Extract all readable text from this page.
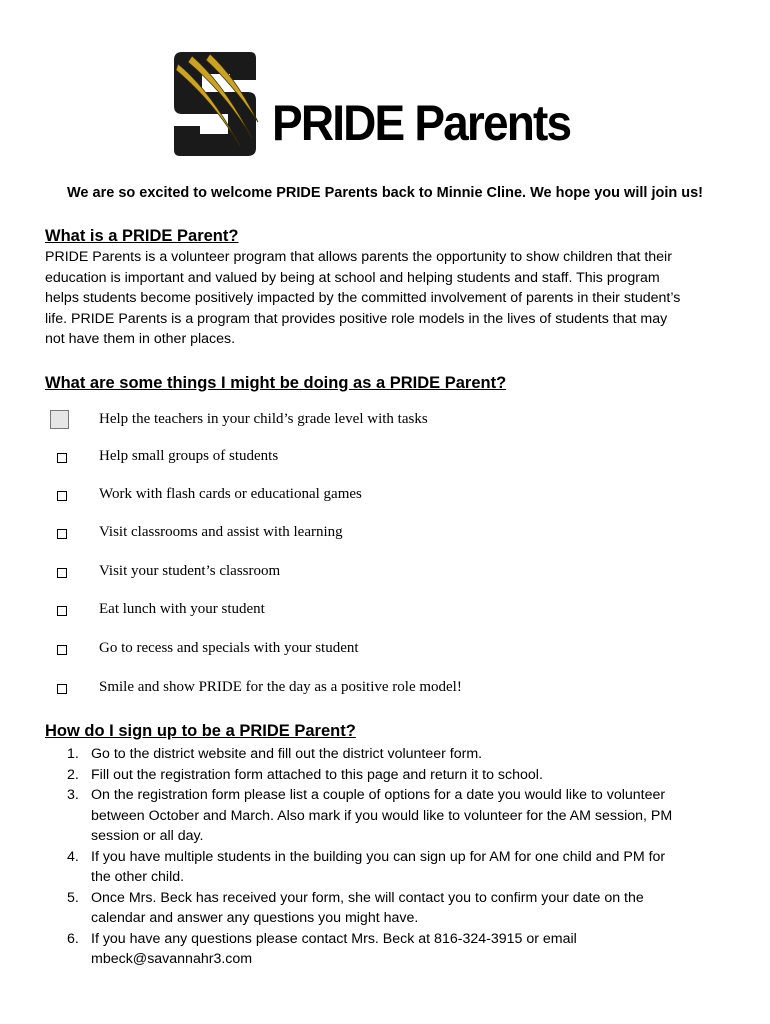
PRIDE Parents
We are so excited to welcome PRIDE Parents back to Minnie Cline. We hope you will join us!
What is a PRIDE Parent?
PRIDE Parents is a volunteer program that allows parents the opportunity to show children that their
education is important and valued by being at school and helping students and staff. This program
helps students become positively impacted by the committed involvement of parents in their student’s
life. PRIDE Parents is a program that provides positive role models in the lives of students that may
not have them in other places.
What are some things I might be doing as a PRIDE Parent?
Help the teachers in your child’s grade level with tasks
Help small groups of students
Work with flash cards or educational games
Visit classrooms and assist with learning
Visit your student’s classroom
Eat lunch with your student
Go to recess and specials with your student
Smile and show PRIDE for the day as a positive role model!
How do I sign up to be a PRIDE Parent?
1. Go to the district website and fill out the district volunteer form.
2. Fill out the registration form attached to this page and return it to school.
3. On the registration form please list a couple of options for a date you would like to volunteer
between October and March. Also mark if you would like to volunteer for the AM session, PM
session or all day.
4. If you have multiple students in the building you can sign up for AM for one child and PM for
the other child.
5. Once Mrs. Beck has received your form, she will contact you to confirm your date on the
calendar and answer any questions you might have.
6. If you have any questions please contact Mrs. Beck at 816-324-3915 or email
mbeck@savannahr3.com
